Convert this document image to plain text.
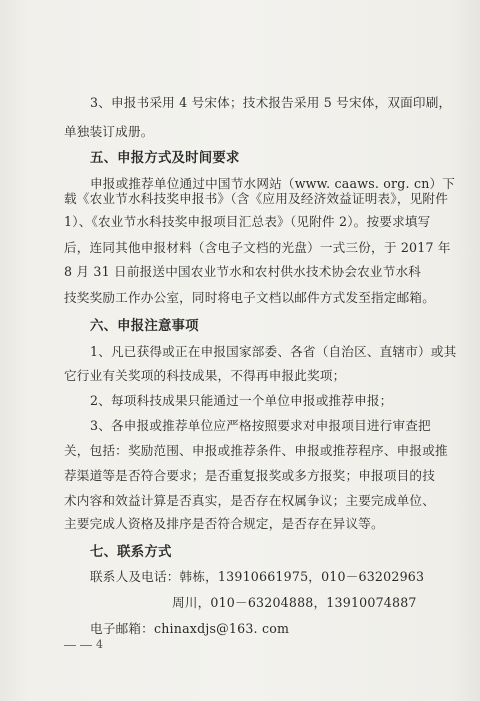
3、申报书采用 4 号宋体；技术报告采用 5 号宋体，双面印刷，
单独装订成册。
五、申报方式及时间要求
申报或推荐单位通过中国节水网站（www. caaws. org. cn）下
载《农业节水科技奖申报书》（含《应用及经济效益证明表》，见附件
1）、《农业节水科技奖申报项目汇总表》（见附件 2）。按要求填写
后，连同其他申报材料（含电子文档的光盘）一式三份，于 2017 年
8 月 31 日前报送中国农业节水和农村供水技术协会农业节水科
技奖奖励工作办公室，同时将电子文档以邮件方式发至指定邮箱。
六、申报注意事项
1、凡已获得或正在申报国家部委、各省（自治区、直辖市）或其
它行业有关奖项的科技成果，不得再申报此奖项；
2、每项科技成果只能通过一个单位申报或推荐申报；
3、各申报或推荐单位应严格按照要求对申报项目进行审查把
关，包括：奖励范围、申报或推荐条件、申报或推荐程序、申报或推
荐渠道等是否符合要求；是否重复报奖或多方报奖；申报项目的技
术内容和效益计算是否真实，是否存在权属争议；主要完成单位、
主要完成人资格及排序是否符合规定，是否存在异议等。
七、联系方式
联系人及电话：韩栋，13910661975，010－63202963
周川，010－63204888，13910074887
电子邮箱：chinaxdjs@163. com
4
